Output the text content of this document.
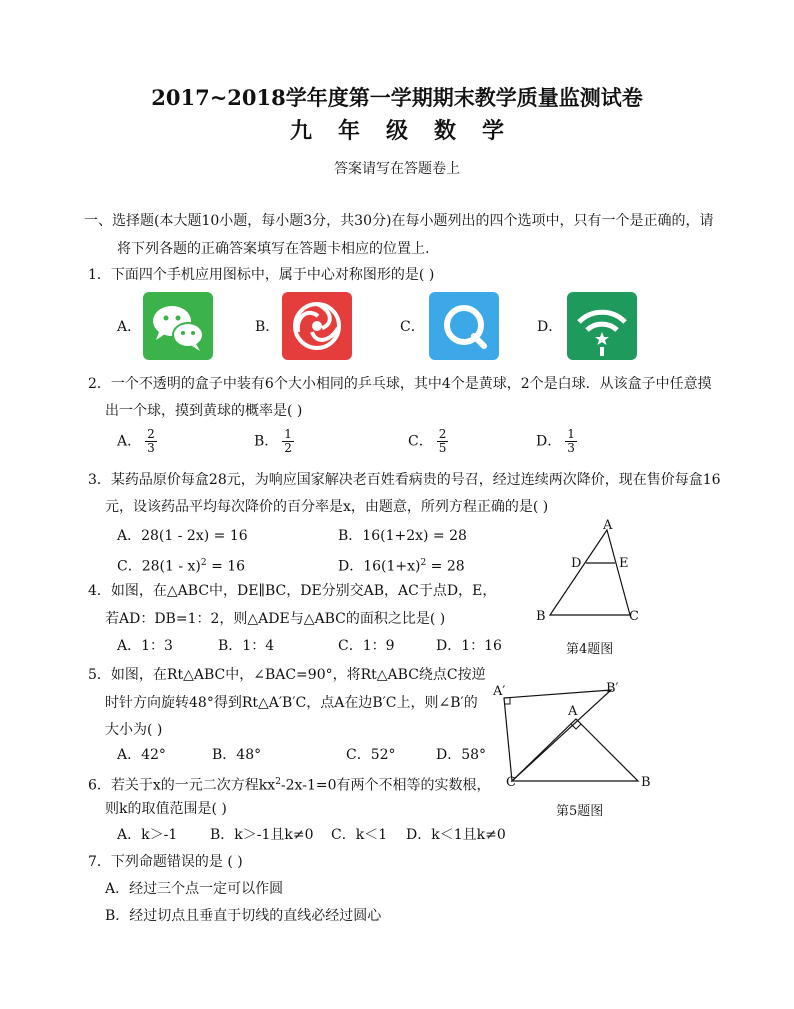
2017~2018学年度第一学期期末教学质量监测试卷
九年级数学
答案请写在答题卷上
一、选择题(本大题10小题，每小题3分，共30分)在每小题列出的四个选项中，只有一个是正确的，请
将下列各题的正确答案填写在答题卡相应的位置上.
1．下面四个手机应用图标中，属于中心对称图形的是( )
A．	B．	C．	D．
2．一个不透明的盒子中装有6个大小相同的乒乓球，其中4个是黄球，2个是白球．从该盒子中任意摸
出一个球，摸到黄球的概率是( )
A． $\frac{2}{3}$	B． $\frac{1}{2}$	C． $\frac{2}{5}$	D． $\frac{1}{3}$
3．某药品原价每盒28元，为响应国家解决老百姓看病贵的号召，经过连续两次降价，现在售价每盒16
元，设该药品平均每次降价的百分率是x，由题意，所列方程正确的是( )
A．28(1 - 2x) = 16	B．16(1+2x) = 28
C．28(1 - x)$^2$ = 16	D．$16(1+x)^2 = 28$
4．如图，在△ABC中，DE∥BC，DE分别交AB，AC于点D，E，
若AD：DB=1：2，则△ADE与△ABC的面积之比是( )
A．1：3	B．1：4	C．1：9	D．1：16
A
D	E
B	C
第4题图
5．如图，在Rt△ABC中，∠BAC=90°，将Rt△ABC绕点C按逆
时针方向旋转48°得到Rt△A′B′C，点A在边B′C上，则∠B′的
大小为( )
A．42°	B．48°	C．52°	D．58°
A′	B′
A
C	B
第5题图
6．若关于x的一元二次方程$kx^2-2x-1=0$有两个不相等的实数根，
则k的取值范围是( )
A．k＞-1 B．k＞-1且k≠0 C．k＜1 D．k＜1且k≠0
7．下列命题错误的是 ( )
A．经过三个点一定可以作圆
B．经过切点且垂直于切线的直线必经过圆心
